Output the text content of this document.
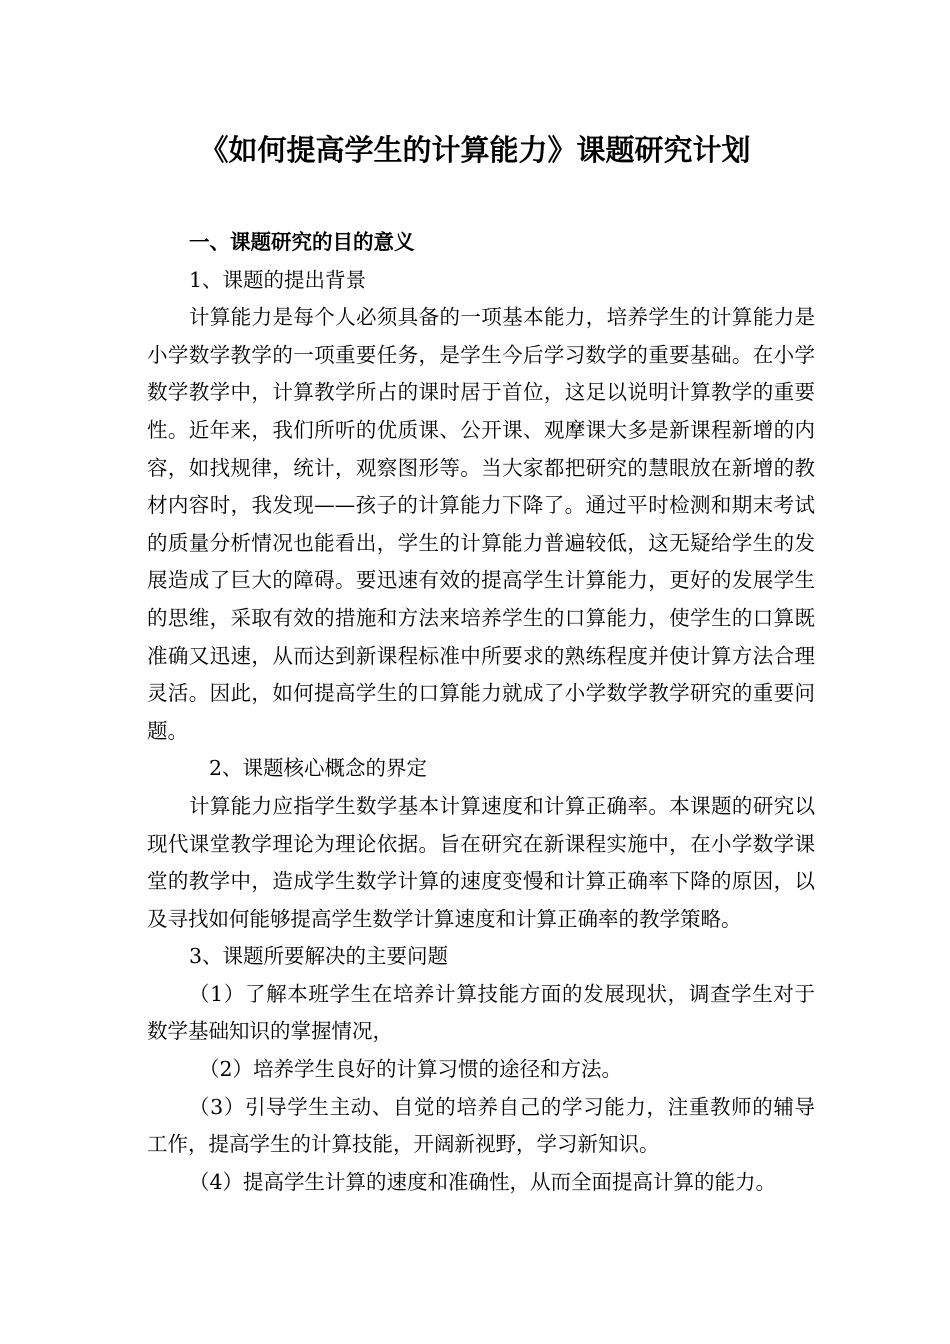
《如何提高学生的计算能力》课题研究计划

一、课题研究的目的意义

1、课题的提出背景

计算能力是每个人必须具备的一项基本能力，培养学生的计算能力是小学数学教学的一项重要任务，是学生今后学习数学的重要基础。在小学数学教学中，计算教学所占的课时居于首位，这足以说明计算教学的重要性。近年来，我们所听的优质课、公开课、观摩课大多是新课程新增的内容，如找规律，统计，观察图形等。当大家都把研究的慧眼放在新增的教材内容时，我发现——孩子的计算能力下降了。通过平时检测和期末考试的质量分析情况也能看出，学生的计算能力普遍较低，这无疑给学生的发展造成了巨大的障碍。要迅速有效的提高学生计算能力，更好的发展学生的思维，采取有效的措施和方法来培养学生的口算能力，使学生的口算既准确又迅速，从而达到新课程标准中所要求的熟练程度并使计算方法合理灵活。因此，如何提高学生的口算能力就成了小学数学教学研究的重要问题。

2、课题核心概念的界定

计算能力应指学生数学基本计算速度和计算正确率。本课题的研究以现代课堂教学理论为理论依据。旨在研究在新课程实施中，在小学数学课堂的教学中，造成学生数学计算的速度变慢和计算正确率下降的原因，以及寻找如何能够提高学生数学计算速度和计算正确率的教学策略。

3、课题所要解决的主要问题

（1）了解本班学生在培养计算技能方面的发展现状，调查学生对于数学基础知识的掌握情况，

（2）培养学生良好的计算习惯的途径和方法。

（3）引导学生主动、自觉的培养自己的学习能力，注重教师的辅导工作，提高学生的计算技能，开阔新视野，学习新知识。

（4）提高学生计算的速度和准确性，从而全面提高计算的能力。
